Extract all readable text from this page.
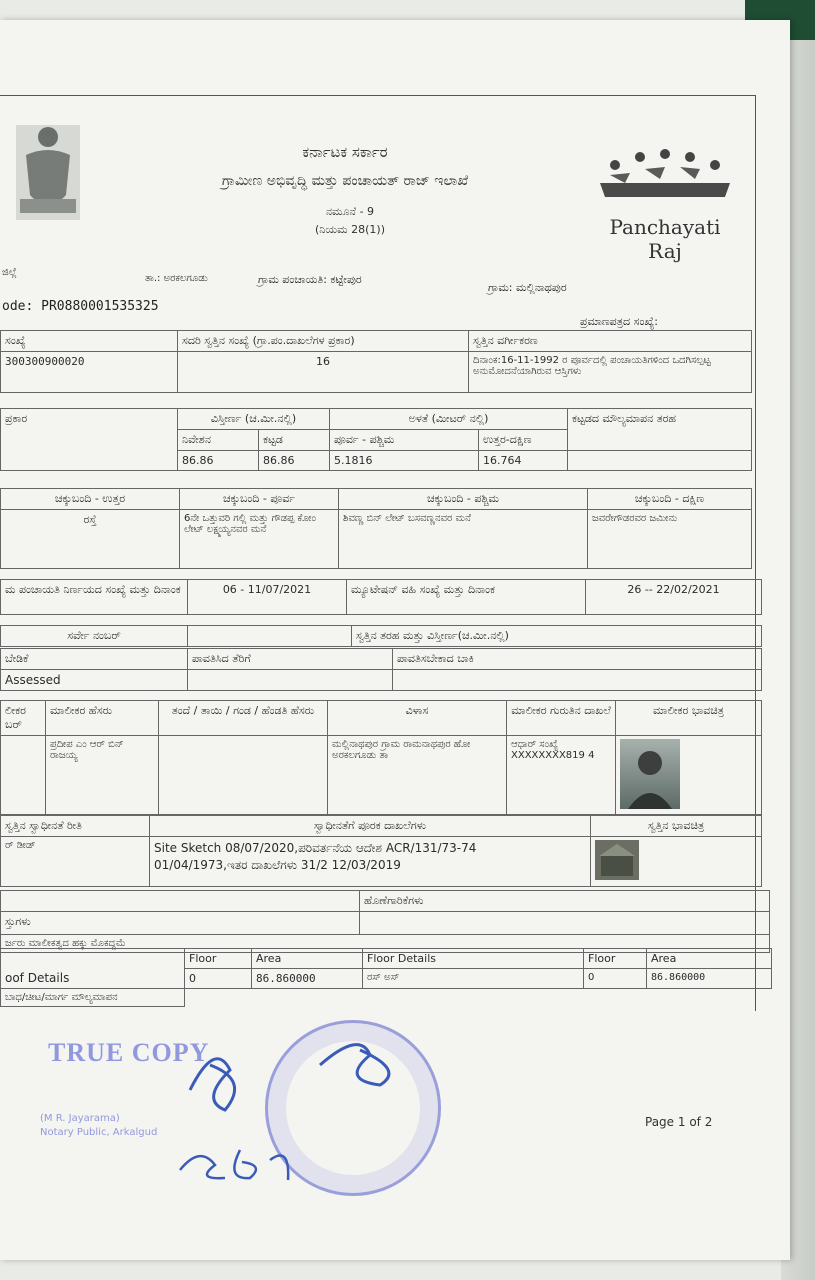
ಕರ್ನಾಟಕ ಸರ್ಕಾರ
ಗ್ರಾಮೀಣ ಅಭಿವೃದ್ಧಿ ಮತ್ತು ಪಂಚಾಯತ್ ರಾಜ್ ಇಲಾಖೆ
ನಮೂನೆ - 9
(ನಿಯಮ 28(1))	Panchayati Raj
ಜಿಲ್ಲೆ
ತಾ.: ಅರಕಲಗೂಡು	ಗ್ರಾಮ ಪಂಚಾಯತಿ: ಕಟ್ಟೇಪುರ
ಗ್ರಾಮ: ಮಲ್ಲಿನಾಥಪುರ
ode: PR0880001535325
ಪ್ರಮಾಣಪತ್ರದ ಸಂಖ್ಯೆ:
ಸಂಖ್ಯೆ	ಸದರಿ ಸ್ವತ್ತಿನ ಸಂಖ್ಯೆ (ಗ್ರಾ.ಪಂ.ದಾಖಲೆಗಳ ಪ್ರಕಾರ)	ಸ್ವತ್ತಿನ ವರ್ಗೀಕರಣ
300300900020	16	ದಿನಾಂಕ:16-11-1992 ರ ಪೂರ್ವದಲ್ಲಿ ಪಂಚಾಯತಿಗಳಿಂದ ಒದಗಿಸಲ್ಪಟ್ಟ ಅನುಮೋದನೆಯಾಗಿರುವ ಆಸ್ತಿಗಳು
ಪ್ರಕಾರ	ವಿಸ್ತೀರ್ಣ (ಚ.ಮೀ.ನಲ್ಲಿ)		ಅಳತೆ (ಮೀಟರ್ ನಲ್ಲಿ)		ಕಟ್ಟಡದ ಮೌಲ್ಯಮಾಪನ ತರಹ
	ನಿವೇಶನ	ಕಟ್ಟಡ	ಪೂರ್ವ - ಪಶ್ಚಿಮ	ಉತ್ತರ-ದಕ್ಷಿಣ	
	86.86	86.86	5.1816	16.764	
ಚಕ್ಕುಬಂದಿ - ಉತ್ತರ	ಚಕ್ಕುಬಂದಿ - ಪೂರ್ವ	ಚಕ್ಕುಬಂದಿ - ಪಶ್ಚಿಮ	ಚಕ್ಕುಬಂದಿ - ದಕ್ಷಿಣ
ರಸ್ತೆ	6ನೇ ಒತ್ತುವರಿ ಗಲ್ಲಿ ಮತ್ತು ಗೌಡಪ್ಪ ಕೋಂ ಲೇಟ್ ಲಕ್ಷ್ಮಯ್ಯನವರ ಮನೆ	ಶಿವಣ್ಣ ಬಿನ್ ಲೇಟ್ ಬಸವಣ್ಣನವರ ಮನೆ	ಜವರೇಗೌಡರವರ ಜಮೀನು
ಮ ಪಂಚಾಯತಿ ನಿರ್ಣಯದ ಸಂಖ್ಯೆ ಮತ್ತು ದಿನಾಂಕ	06 - 11/07/2021	ಮ್ಯೂಟೇಷನ್ ವಹಿ ಸಂಖ್ಯೆ ಮತ್ತು ದಿನಾಂಕ	26 -- 22/02/2021
ಸರ್ವೇ ನಂಬರ್		ಸ್ವತ್ತಿನ ತರಹ ಮತ್ತು ವಿಸ್ತೀರ್ಣ(ಚ.ಮೀ.ನಲ್ಲಿ)
ಬೇಡಿಕೆ	ಪಾವತಿಸಿದ ತೆರಿಗೆ	ಪಾವತಿಸಬೇಕಾದ ಬಾಕಿ
Assessed		
ಲೀಕರ ಬರ್	ಮಾಲೀಕರ ಹೆಸರು	ತಂದೆ / ತಾಯಿ / ಗಂಡ / ಹೆಂಡತಿ ಹೆಸರು	ವಿಳಾಸ	ಮಾಲೀಕರ ಗುರುತಿನ ದಾಖಲೆ	ಮಾಲೀಕರ ಭಾವಚಿತ್ರ
	ಪ್ರದೀಪ ಎಂ ಆರ್ ಬಿನ್ ರಾಜಯ್ಯ		ಮಲ್ಲಿನಾಥಪುರ ಗ್ರಾಮ ರಾಮನಾಥಪುರ ಹೋ ಅರಕಲಗೂಡು ತಾ	ಆಧಾರ್ ಸಂಖ್ಯೆ XXXXXXXX819 4	
ಸ್ವತ್ತಿನ ಸ್ವಾಧೀನತೆ ರೀತಿ	ಸ್ವಾಧೀನತೆಗೆ ಪೂರಕ ದಾಖಲೆಗಳು	ಸ್ವತ್ತಿನ ಭಾವಚಿತ್ರ
ರ್ ಡೀಡ್	Site Sketch 08/07/2020,ಪರಿವರ್ತನೆಯ ಆದೇಶ ACR/131/73-74
01/04/1973,ಇತರ ದಾಖಲೆಗಳು 31/2 12/03/2019

	ಹೊಣೆಗಾರಿಕೆಗಳು
ಸ್ತುಗಳು	
ರ್ಜರು ಮಾಲೀಕತ್ವದ ಹಕ್ಕು ಮೊಕದ್ದಮೆ	
oof Details	Floor	Area	Floor Details	Floor	Area
	0	86.860000	ರಸ್ ಅಸ್	0	86.860000
ಬಾಧ/ಚೀಟ/ಮಾರ್ಗ ಮೌಲ್ಯಮಾಪನ					
TRUE COPY
(M R. Jayarama)
Notary Public, Arkalgud
Page 1 of 2
